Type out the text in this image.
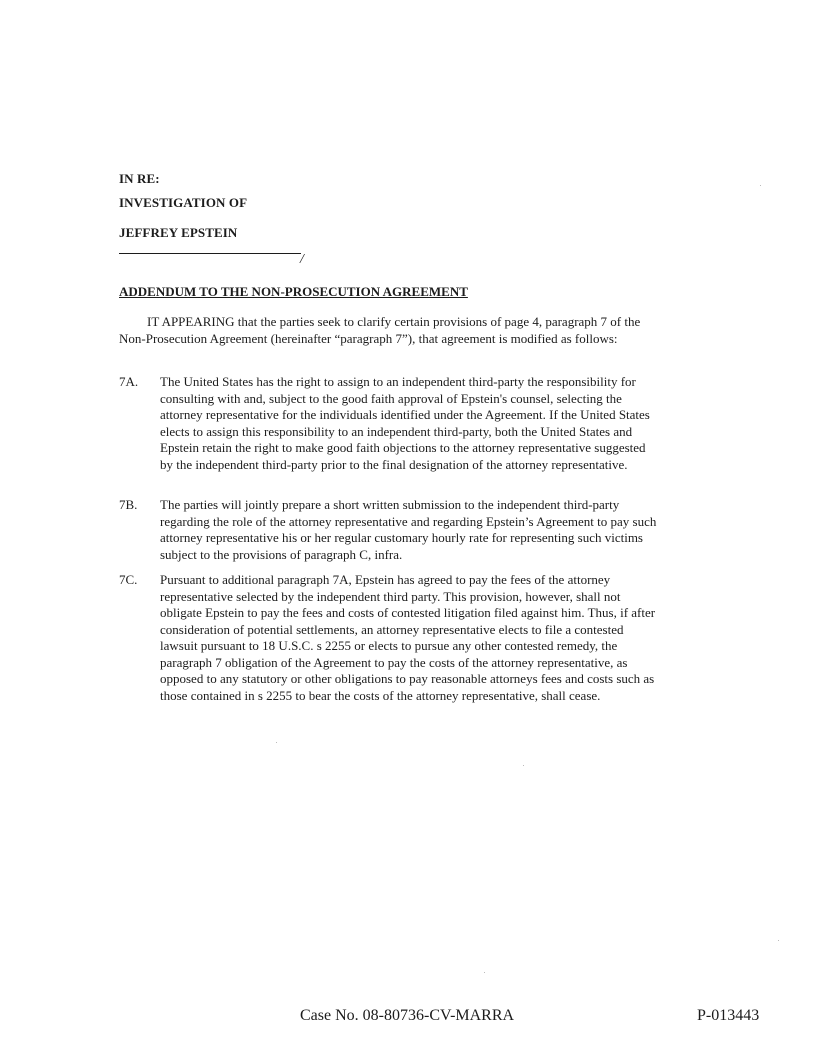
IN RE:
INVESTIGATION OF
JEFFREY EPSTEIN
/
ADDENDUM TO THE NON-PROSECUTION AGREEMENT

IT APPEARING that the parties seek to clarify certain provisions of page 4, paragraph 7 of the Non-Prosecution Agreement (hereinafter “paragraph 7”), that agreement is modified as follows:

7A.	The United States has the right to assign to an independent third-party the responsibility for consulting with and, subject to the good faith approval of Epstein's counsel, selecting the attorney representative for the individuals identified under the Agreement. If the United States elects to assign this responsibility to an independent third-party, both the United States and Epstein retain the right to make good faith objections to the attorney representative suggested by the independent third-party prior to the final designation of the attorney representative.
7B.	The parties will jointly prepare a short written submission to the independent third-party regarding the role of the attorney representative and regarding Epstein’s Agreement to pay such attorney representative his or her regular customary hourly rate for representing such victims subject to the provisions of paragraph C, infra.
7C.	Pursuant to additional paragraph 7A, Epstein has agreed to pay the fees of the attorney representative selected by the independent third party. This provision, however, shall not obligate Epstein to pay the fees and costs of contested litigation filed against him. Thus, if after consideration of potential settlements, an attorney representative elects to file a contested lawsuit pursuant to 18 U.S.C. s 2255 or elects to pursue any other contested remedy, the paragraph 7 obligation of the Agreement to pay the costs of the attorney representative, as opposed to any statutory or other obligations to pay reasonable attorneys fees and costs such as those contained in s 2255 to bear the costs of the attorney representative, shall cease.
Case No. 08-80736-CV-MARRA	P-013443
